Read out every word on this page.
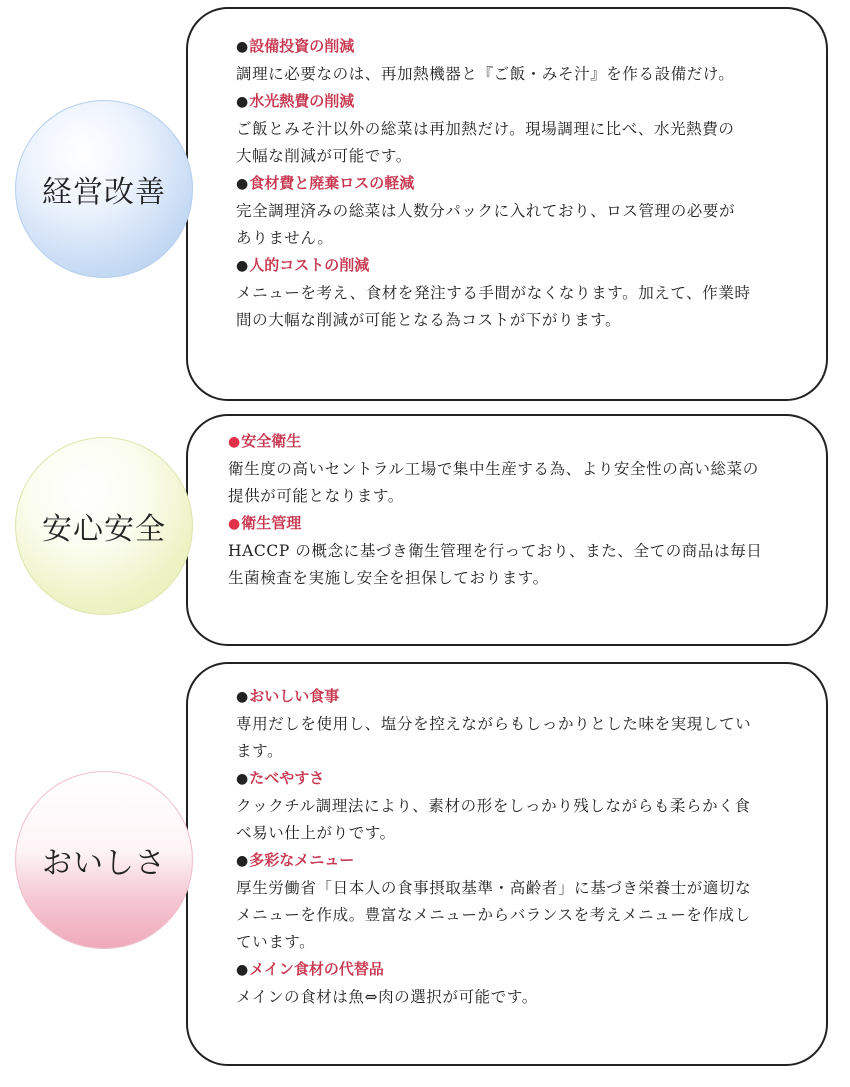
経営改善
●設備投資の削減
調理に必要なのは、再加熱機器と『ご飯・みそ汁』を作る設備だけ。
●水光熱費の削減
ご飯とみそ汁以外の総菜は再加熱だけ。現場調理に比べ、水光熱費の
大幅な削減が可能です。
●食材費と廃棄ロスの軽減
完全調理済みの総菜は人数分パックに入れており、ロス管理の必要が
ありません。
●人的コストの削減
メニューを考え、食材を発注する手間がなくなります。加えて、作業時
間の大幅な削減が可能となる為コストが下がります。
安心安全
●安全衛生
衛生度の高いセントラル工場で集中生産する為、より安全性の高い総菜の
提供が可能となります。
●衛生管理
HACCP の概念に基づき衛生管理を行っており、また、全ての商品は毎日
生菌検査を実施し安全を担保しております。
おいしさ
●おいしい食事
専用だしを使用し、塩分を控えながらもしっかりとした味を実現してい
ます。
●たべやすさ
クックチル調理法により、素材の形をしっかり残しながらも柔らかく食
べ易い仕上がりです。
●多彩なメニュー
厚生労働省「日本人の食事摂取基準・高齢者」に基づき栄養士が適切な
メニューを作成。豊富なメニューからバランスを考えメニューを作成し
ています。
●メイン食材の代替品
メインの食材は魚⇔肉の選択が可能です。
